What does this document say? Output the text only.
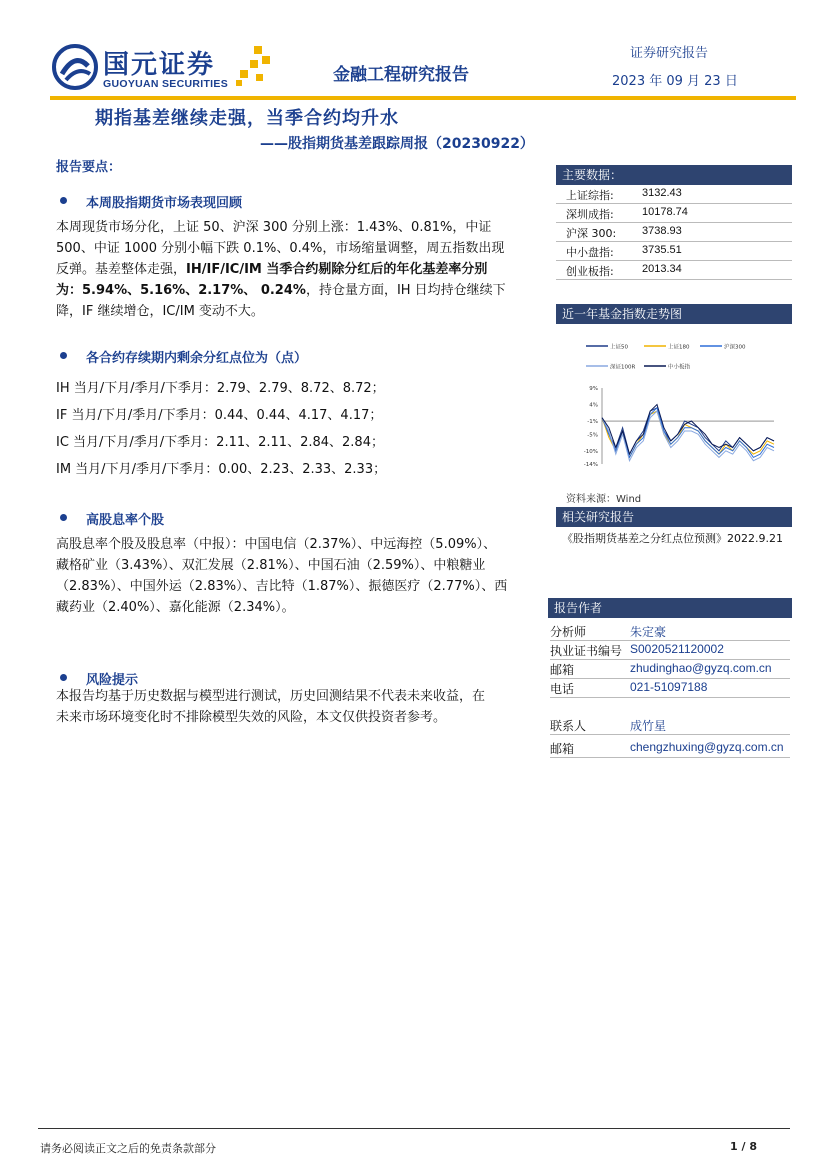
国元证券
GUOYUAN SECURITIES	金融工程研究报告
证券研究报告
2023 年 09 月 23 日
期指基差继续走强，当季合约均升水
——股指期货基差跟踪周报（20230922）
报告要点：
本周股指期货市场表现回顾
本周现货市场分化，上证 50、沪深 300 分别上涨：1.43%、0.81%，中证
500、中证 1000 分别小幅下跌 0.1%、0.4%，市场缩量调整，周五指数出现
反弹。基差整体走强，IH/IF/IC/IM 当季合约剔除分红后的年化基差率分别
为：5.94%、5.16%、2.17%、 0.24%，持仓量方面，IH 日均持仓继续下
降，IF 继续增仓，IC/IM 变动不大。
各合约存续期内剩余分红点位为（点）
IH 当月/下月/季月/下季月：2.79、2.79、8.72、8.72；
IF 当月/下月/季月/下季月：0.44、0.44、4.17、4.17；
IC 当月/下月/季月/下季月：2.11、2.11、2.84、2.84；
IM 当月/下月/季月/下季月：0.00、2.23、2.33、2.33；
高股息率个股
高股息率个股及股息率（中报）：中国电信（2.37%）、中远海控（5.09%）、
藏格矿业（3.43%）、双汇发展（2.81%）、中国石油（2.59%）、中粮糖业
（2.83%）、中国外运（2.83%）、吉比特（1.87%）、振德医疗（2.77%）、西
藏药业（2.40%）、嘉化能源（2.34%）。
风险提示
本报告均基于历史数据与模型进行测试，历史回测结果不代表未来收益，在
未来市场环境变化时不排除模型失效的风险，本文仅供投资者参考。
主要数据：
上证综指:	3132.43
深圳成指:	10178.74
沪深 300: 3738.93
中小盘指:	3735.51
创业板指:	2013.34
近一年基金指数走势图
上证50	上证180	沪深300
深证100R	中小板指
9%
4%
-1%
-5%
-10%
-14%
资料来源：Wind
相关研究报告
《股指期货基差之分红点位预测》2022.9.21
报告作者
分析师	朱定豪
执业证书编号 S0020521120002
邮箱	zhudinghao@gyzq.com.cn
电话	021-51097188
联系人	成竹星
邮箱	chengzhuxing@gyzq.com.cn
请务必阅读正文之后的免责条款部分	1 / 8
